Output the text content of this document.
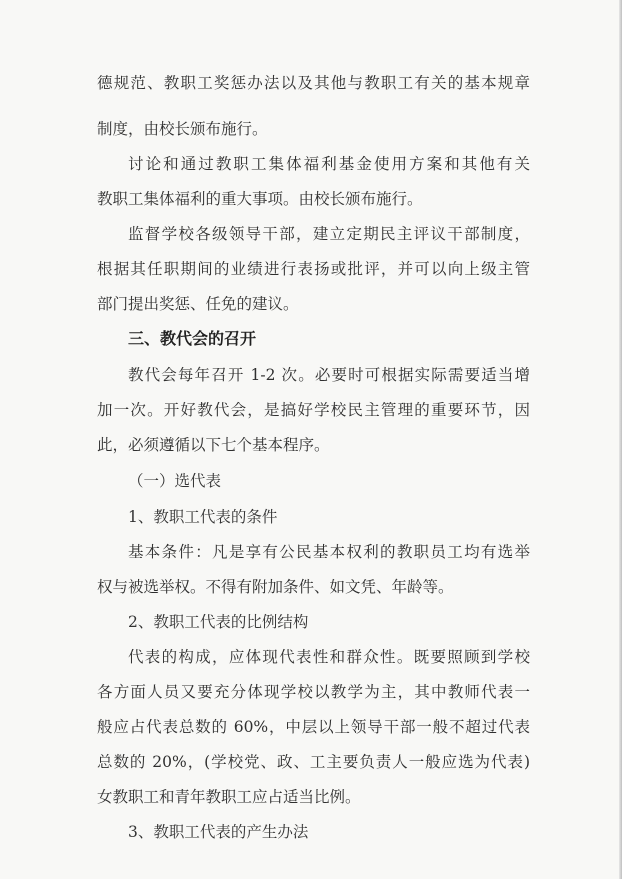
德规范、教职工奖惩办法以及其他与教职工有关的基本规章
制度，由校长颁布施行。
讨论和通过教职工集体福利基金使用方案和其他有关
教职工集体福利的重大事项。由校长颁布施行。
监督学校各级领导干部，建立定期民主评议干部制度，
根据其任职期间的业绩进行表扬或批评，并可以向上级主管
部门提出奖惩、任免的建议。
三、教代会的召开
教代会每年召开 1-2 次。必要时可根据实际需要适当增
加一次。开好教代会，是搞好学校民主管理的重要环节，因
此，必须遵循以下七个基本程序。
（一）选代表
1、教职工代表的条件
基本条件：凡是享有公民基本权利的教职员工均有选举
权与被选举权。不得有附加条件、如文凭、年龄等。
2、教职工代表的比例结构
代表的构成，应体现代表性和群众性。既要照顾到学校
各方面人员又要充分体现学校以教学为主，其中教师代表一
般应占代表总数的 60%，中层以上领导干部一般不超过代表
总数的 20%，(学校党、政、工主要负责人一般应选为代表)
女教职工和青年教职工应占适当比例。
3、教职工代表的产生办法
